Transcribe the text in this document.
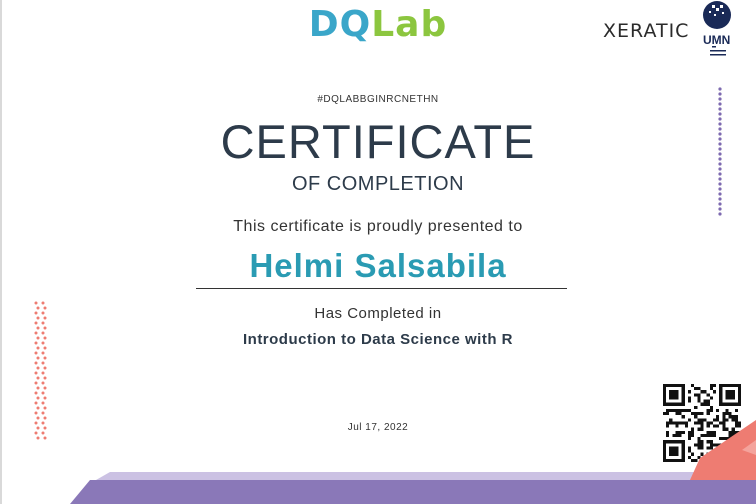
DQLab	XERATIC UMN
#DQLABBGINRCNETHN
CERTIFICATE
OF COMPLETION
This certificate is proudly presented to
Helmi Salsabila
Has Completed in
Introduction to Data Science with R
Jul 17, 2022
